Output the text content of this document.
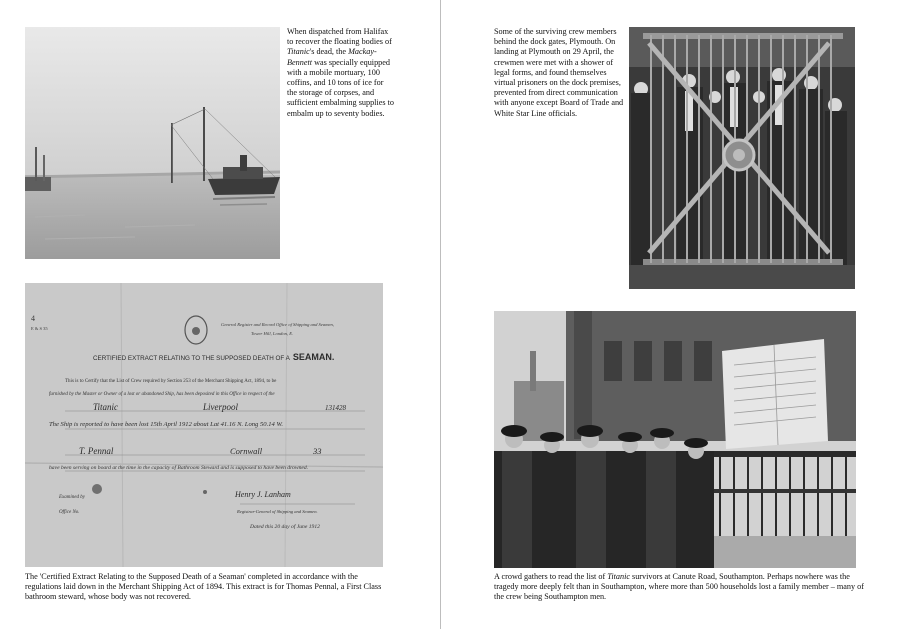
When dispatched from Halifax to recover the floating bodies of Titanic's dead, the Mackay-Bennett was specially equipped with a mobile mortuary, 100 coffins, and 10 tons of ice for the storage of corpses, and sufficient embalming supplies to embalm up to seventy bodies.
4
E & S 35
General Register and Record Office of Shipping and Seamen,
Tower Hill, London, E.
CERTIFIED EXTRACT RELATING TO THE SUPPOSED DEATH OF A SEAMAN.
This is to Certify that the List of Crew required by Section 253 of the Merchant Shipping Act, 1894, to be
furnished by the Master or Owner of a lost or abandoned Ship, has been deposited in this Office in respect of the
Titanic	Liverpool	131428
The Ship is reported to have been lost 15th April 1912 about Lat 41.16 N. Long 50.14 W.
T. Pennal	Cornwall	33
have been serving on board at the time in the capacity of Bathroom Steward and is supposed to have been drowned.
Examined by
Office No.
Henry J. Lanham
Registrar-General of Shipping and Seamen.
Dated this 20 day of June 1912
The 'Certified Extract Relating to the Supposed Death of a Seaman' completed in accordance with the regulations laid down in the Merchant Shipping Act of 1894. This extract is for Thomas Pennal, a First Class bathroom steward, whose body was not recovered.
Some of the surviving crew members behind the dock gates, Plymouth. On landing at Plymouth on 29 April, the crewmen were met with a shower of legal forms, and found themselves virtual prisoners on the dock premises, prevented from direct communication with anyone except Board of Trade and White Star Line officials.
A crowd gathers to read the list of Titanic survivors at Canute Road, Southampton. Perhaps nowhere was the tragedy more deeply felt than in Southampton, where more than 500 households lost a family member – many of the crew being Southampton men.
